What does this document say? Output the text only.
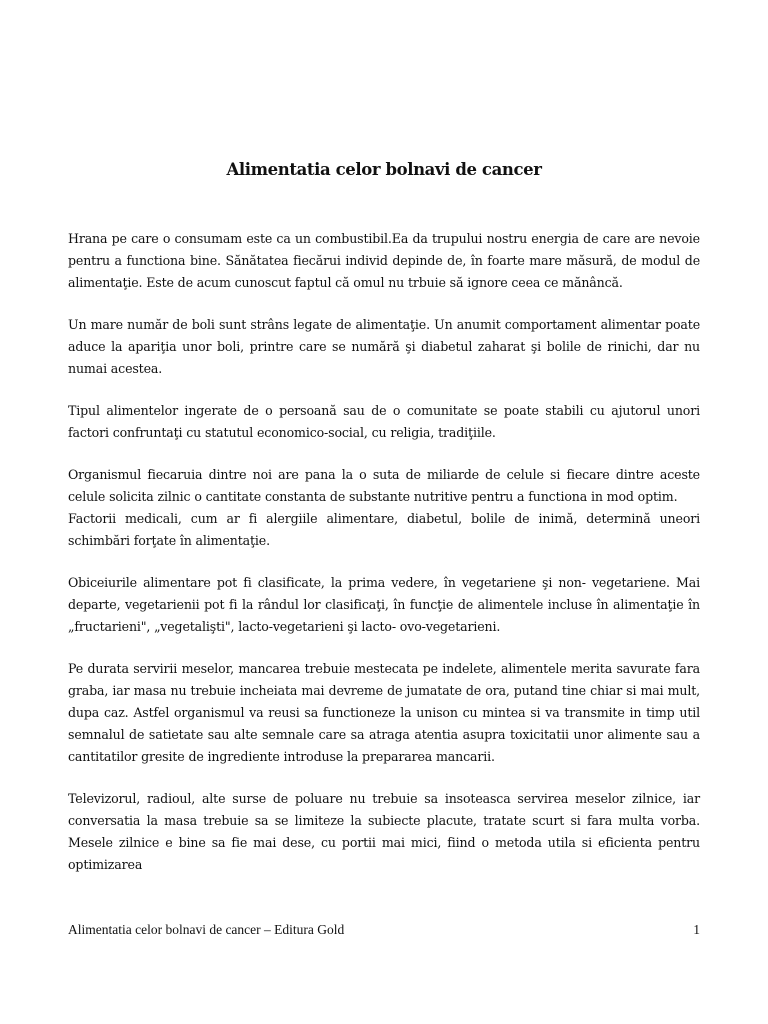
Alimentatia celor bolnavi de cancer

Hrana pe care o consumam este ca un combustibil.Ea da trupului nostru energia de care are nevoie pentru a functiona bine. Sănătatea fiecărui individ depinde de, în foarte mare măsură, de modul de alimentaţie. Este de acum cunoscut faptul că omul nu trbuie să ignore ceea ce mănâncă.

Un mare număr de boli sunt strâns legate de alimentaţie. Un anumit comportament alimentar poate aduce la apariţia unor boli, printre care se numără şi diabetul zaharat şi bolile de rinichi, dar nu numai acestea.

Tipul alimentelor ingerate de o persoană sau de o comunitate se poate stabili cu ajutorul unori factori confruntaţi cu statutul economico-social, cu religia, tradiţiile.

Organismul fiecaruia dintre noi are pana la o suta de miliarde de celule si fiecare dintre aceste celule solicita zilnic o cantitate constanta de substante nutritive pentru a functiona in mod optim.
Factorii medicali, cum ar fi alergiile alimentare, diabetul, bolile de inimă, determină uneori schimbări forţate în alimentaţie.

Obiceiurile alimentare pot fi clasificate, la prima vedere, în vegetariene şi non- vegetariene. Mai departe, vegetarienii pot fi la rândul lor clasificaţi, în funcţie de alimentele incluse în alimentaţie în „fructarieni", „vegetalişti", lacto-vegetarieni şi lacto- ovo-vegetarieni.

Pe durata servirii meselor, mancarea trebuie mestecata pe indelete, alimentele merita savurate fara graba, iar masa nu trebuie incheiata mai devreme de jumatate de ora, putand tine chiar si mai mult, dupa caz. Astfel organismul va reusi sa functioneze la unison cu mintea si va transmite in timp util semnalul de satietate sau alte semnale care sa atraga atentia asupra toxicitatii unor alimente sau a cantitatilor gresite de ingrediente introduse la prepararea mancarii.

Televizorul, radioul, alte surse de poluare nu trebuie sa insoteasca servirea meselor zilnice, iar conversatia la masa trebuie sa se limiteze la subiecte placute, tratate scurt si fara multa vorba. Mesele zilnice e bine sa fie mai dese, cu portii mai mici, fiind o metoda utila si eficienta pentru optimizarea

Alimentatia celor bolnavi de cancer – Editura Gold	1
